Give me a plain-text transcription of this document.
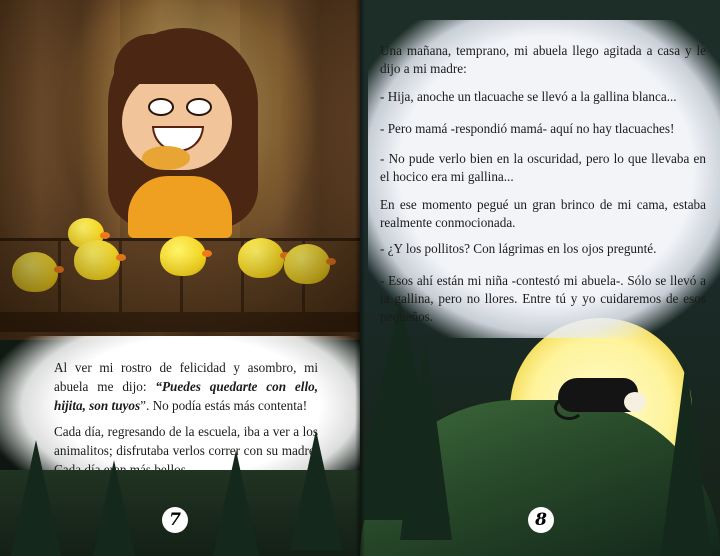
Al ver mi rostro de felicidad y asombro, mi abuela me dijo: “Puedes quedarte con ello, hijita, son tuyos”. No podía estás más contenta!
Cada día, regresando de la escuela, iba a ver a los animalitos; disfrutaba verlos correr con su madre.
7
Una mañana, temprano, mi abuela llego agitada a casa y le dijo a mi madre:
- Hija, anoche un tlacuache se llevó a la gallina blanca...
- Pero mamá -respondió mamá- aquí no hay tlacuaches!
- No pude verlo bien en la oscuridad, pero lo que llevaba en el hocico era mi gallina...
En ese momento pegué un gran brinco de mi cama, estaba realmente conmocionada.
- ¿Y los pollitos? Con lágrimas en los ojos pregunté.
- Esos ahí están mi niña -contestó mi abuela-. Sólo se llevó a la gallina, pero no llores. Entre tú y yo cuidaremos de esos pequeños.
8
